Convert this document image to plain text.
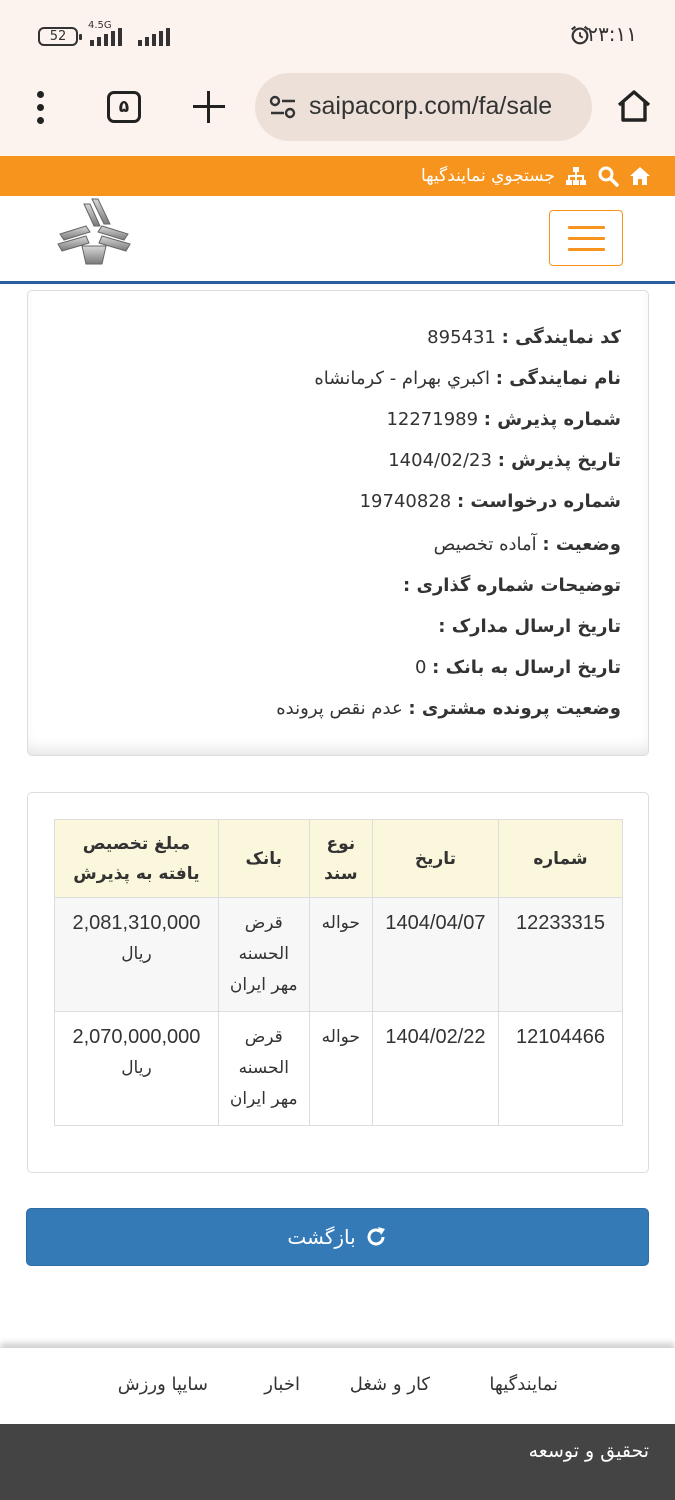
52
4.5G	۲۳:۱۱
۵	saipacorp.com/fa/sale
جستجوي نمايندگيها
کد نمایندگی : 895431
نام نمایندگی : اكبري بهرام - كرمانشاه
شماره پذیرش : 12271989
تاریخ پذیرش : 1404/02/23
شماره درخواست : 19740828
وضعیت : آماده تخصیص
توضیحات شماره گذاری :
تاریخ ارسال مدارک :
تاریخ ارسال به بانک : 0
وضعیت پرونده مشتری : عدم نقص پرونده
شماره	تاریخ	نوع سند	بانک	مبلغ تخصیص یافته به پذیرش
12233315	1404/04/07	حواله	قرض الحسنه مهر ایران	2,081,310,000
ريال

12104466	1404/02/22	حواله	قرض الحسنه مهر ایران	2,070,000,000
ريال
بازگشت
نمایندگیها
کار و شغل
اخبار
سایپا ورزش
تحقیق و توسعه
